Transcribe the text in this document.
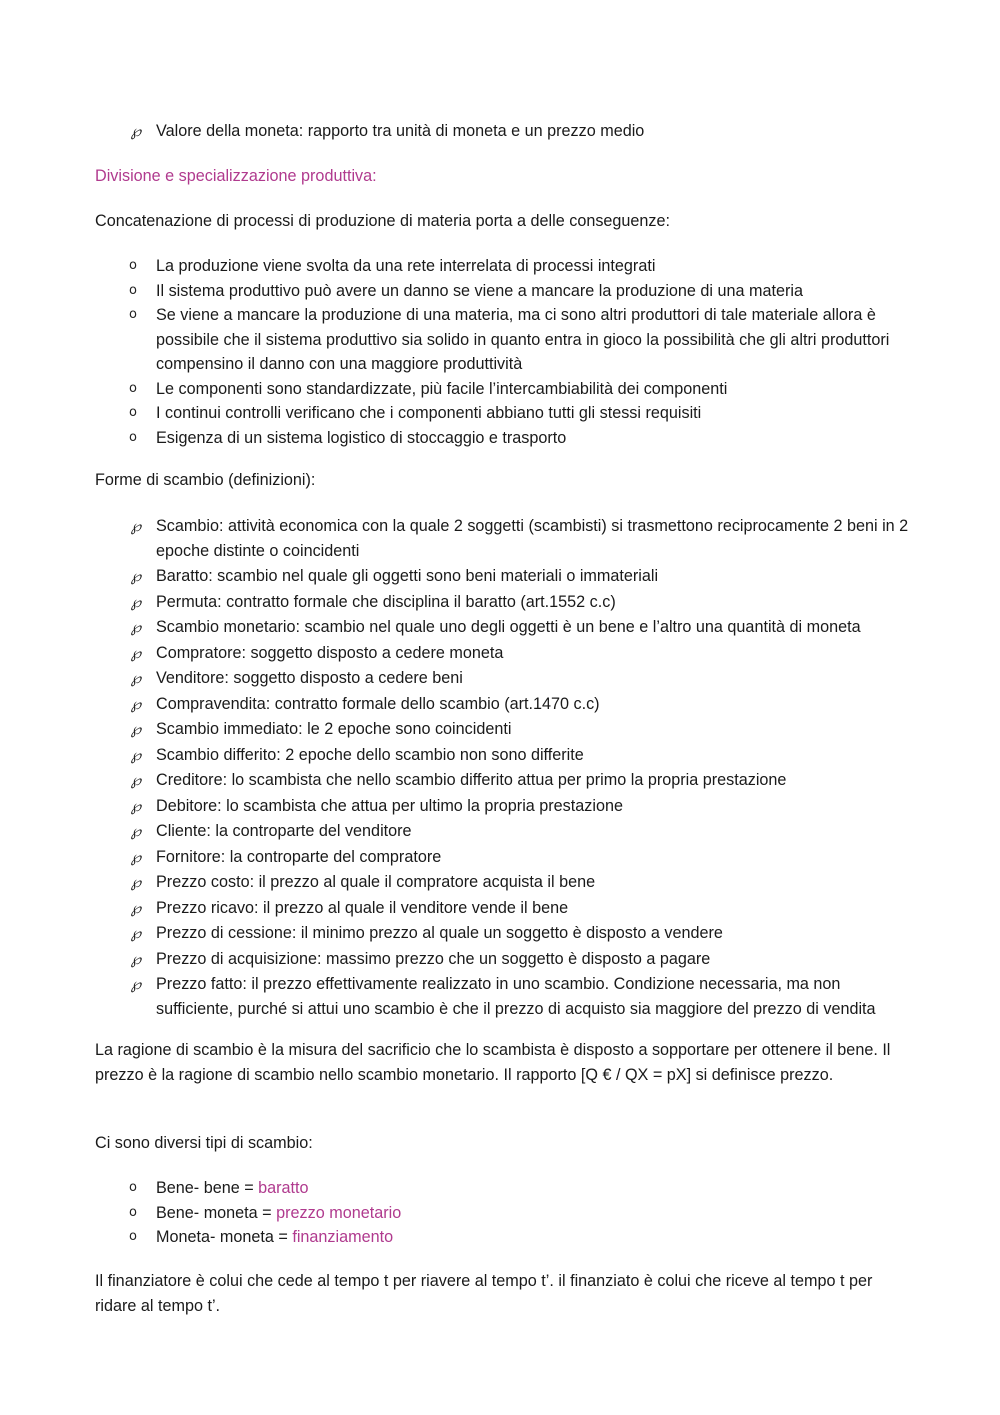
℘ Valore della moneta: rapporto tra unità di moneta e un prezzo medio

Divisione e specializzazione produttiva:

Concatenazione di processi di produzione di materia porta a delle conseguenze:

o La produzione viene svolta da una rete interrelata di processi integrati
o Il sistema produttivo può avere un danno se viene a mancare la produzione di una materia
o Se viene a mancare la produzione di una materia, ma ci sono altri produttori di tale materiale allora è possibile che il sistema produttivo sia solido in quanto entra in gioco la possibilità che gli altri produttori compensino il danno con una maggiore produttività
o Le componenti sono standardizzate, più facile l’intercambiabilità dei componenti
o I continui controlli verificano che i componenti abbiano tutti gli stessi requisiti
o Esigenza di un sistema logistico di stoccaggio e trasporto

Forme di scambio (definizioni):

℘ Scambio: attività economica con la quale 2 soggetti (scambisti) si trasmettono reciprocamente 2 beni in 2 epoche distinte o coincidenti
℘ Baratto: scambio nel quale gli oggetti sono beni materiali o immateriali
℘ Permuta: contratto formale che disciplina il baratto (art.1552 c.c)
℘ Scambio monetario: scambio nel quale uno degli oggetti è un bene e l’altro una quantità di moneta
℘ Compratore: soggetto disposto a cedere moneta
℘ Venditore: soggetto disposto a cedere beni
℘ Compravendita: contratto formale dello scambio (art.1470 c.c)
℘ Scambio immediato: le 2 epoche sono coincidenti
℘ Scambio differito: 2 epoche dello scambio non sono differite
℘ Creditore: lo scambista che nello scambio differito attua per primo la propria prestazione
℘ Debitore: lo scambista che attua per ultimo la propria prestazione
℘ Cliente: la controparte del venditore
℘ Fornitore: la controparte del compratore
℘ Prezzo costo: il prezzo al quale il compratore acquista il bene
℘ Prezzo ricavo: il prezzo al quale il venditore vende il bene
℘ Prezzo di cessione: il minimo prezzo al quale un soggetto è disposto a vendere
℘ Prezzo di acquisizione: massimo prezzo che un soggetto è disposto a pagare
℘ Prezzo fatto: il prezzo effettivamente realizzato in uno scambio. Condizione necessaria, ma non sufficiente, purché si attui uno scambio è che il prezzo di acquisto sia maggiore del prezzo di vendita

La ragione di scambio è la misura del sacrificio che lo scambista è disposto a sopportare per ottenere il bene. Il prezzo è la ragione di scambio nello scambio monetario. Il rapporto [Q € / QX = pX] si definisce prezzo.

Ci sono diversi tipi di scambio:

o Bene- bene = baratto
o Bene- moneta = prezzo monetario
o Moneta- moneta = finanziamento

Il finanziatore è colui che cede al tempo t per riavere al tempo t’. il finanziato è colui che riceve al tempo t per ridare al tempo t’.
